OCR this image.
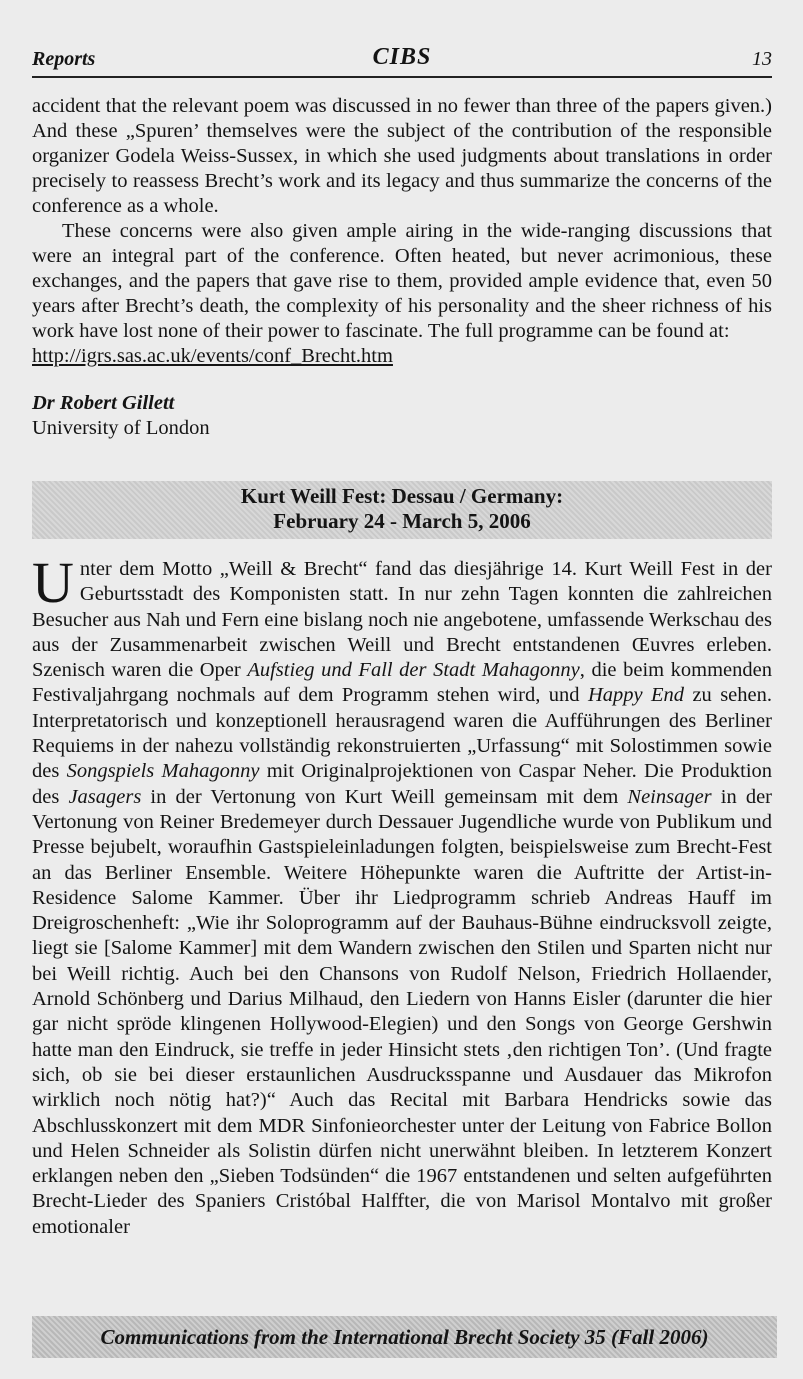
Reports	CIBS	13

accident that the relevant poem was discussed in no fewer than three of the papers given.) And these „Spuren’ themselves were the subject of the contribution of the responsible organizer Godela Weiss-Sussex, in which she used judgments about translations in order precisely to reassess Brecht’s work and its legacy and thus summarize the concerns of the conference as a whole.

These concerns were also given ample airing in the wide-ranging discussions that were an integral part of the conference. Often heated, but never acrimonious, these exchanges, and the papers that gave rise to them, provided ample evidence that, even 50 years after Brecht’s death, the complexity of his personality and the sheer richness of his work have lost none of their power to fascinate. The full programme can be found at:

http://igrs.sas.ac.uk/events/conf_Brecht.htm

Dr Robert Gillett

University of London

Kurt Weill Fest: Dessau / Germany:
February 24 - March 5, 2006
Unter dem Motto „Weill & Brecht“ fand das diesjährige 14. Kurt Weill Fest in der Geburtsstadt des Komponisten statt. In nur zehn Tagen konnten die zahlreichen Besucher aus Nah und Fern eine bislang noch nie angebotene, umfassende Werkschau des aus der Zusammenarbeit zwischen Weill und Brecht entstandenen Œuvres erleben. Szenisch waren die Oper Aufstieg und Fall der Stadt Mahagonny, die beim kommenden Festivaljahrgang nochmals auf dem Programm stehen wird, und Happy End zu sehen. Interpretatorisch und konzeptionell herausragend waren die Aufführungen des Berliner Requiems in der nahezu vollständig rekonstruierten „Urfassung“ mit Solostimmen sowie des Songspiels Mahagonny mit Originalprojektionen von Caspar Neher. Die Produktion des Jasagers in der Vertonung von Kurt Weill gemeinsam mit dem Neinsager in der Vertonung von Reiner Bredemeyer durch Dessauer Jugendliche wurde von Publikum und Presse bejubelt, woraufhin Gastspieleinladungen folgten, beispielsweise zum Brecht-Fest an das Berliner Ensemble. Weitere Höhepunkte waren die Auftritte der Artist-in-Residence Salome Kammer. Über ihr Liedprogramm schrieb Andreas Hauff im Dreigroschenheft: „Wie ihr Soloprogramm auf der Bauhaus-Bühne eindrucksvoll zeigte, liegt sie [Salome Kammer] mit dem Wandern zwischen den Stilen und Sparten nicht nur bei Weill richtig. Auch bei den Chansons von Rudolf Nelson, Friedrich Hollaender, Arnold Schönberg und Darius Milhaud, den Liedern von Hanns Eisler (darunter die hier gar nicht spröde klingenen Hollywood-Elegien) und den Songs von George Gershwin hatte man den Eindruck, sie treffe in jeder Hinsicht stets ‚den richtigen Ton’. (Und fragte sich, ob sie bei dieser erstaunlichen Ausdrucksspanne und Ausdauer das Mikrofon wirklich noch nötig hat?)“ Auch das Recital mit Barbara Hendricks sowie das Abschlusskonzert mit dem MDR Sinfonieorchester unter der Leitung von Fabrice Bollon und Helen Schneider als Solistin dürfen nicht unerwähnt bleiben. In letzterem Konzert erklangen neben den „Sieben Todsünden“ die 1967 entstandenen und selten aufgeführten Brecht-Lieder des Spaniers Cristóbal Halffter, die von Marisol Montalvo mit großer emotionaler
Communications from the International Brecht Society 35 (Fall 2006)
